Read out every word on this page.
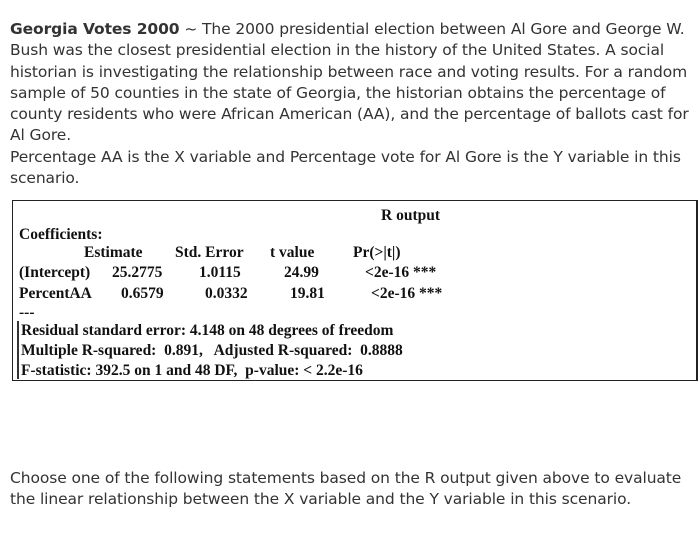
Georgia Votes 2000 ~ The 2000 presidential election between Al Gore and George W. Bush was the closest presidential election in the history of the United States. A social historian is investigating the relationship between race and voting results. For a random sample of 50 counties in the state of Georgia, the historian obtains the percentage of county residents who were African American (AA), and the percentage of ballots cast for Al Gore.
Percentage AA is the X variable and Percentage vote for Al Gore is the Y variable in this scenario.
R output
Coefficients:
Estimate Std. Error t value Pr(>|t|)
(Intercept) 25.2775 1.0115	24.99	<2e-16 ***
PercentAA 0.6579	0.0332	19.81	<2e-16 ***
---
Residual standard error: 4.148 on 48 degrees of freedom
Multiple R-squared:  0.891,   Adjusted R-squared:  0.8888
F-statistic: 392.5 on 1 and 48 DF,  p-value: < 2.2e-16
Choose one of the following statements based on the R output given above to evaluate the linear relationship between the X variable and the Y variable in this scenario.
